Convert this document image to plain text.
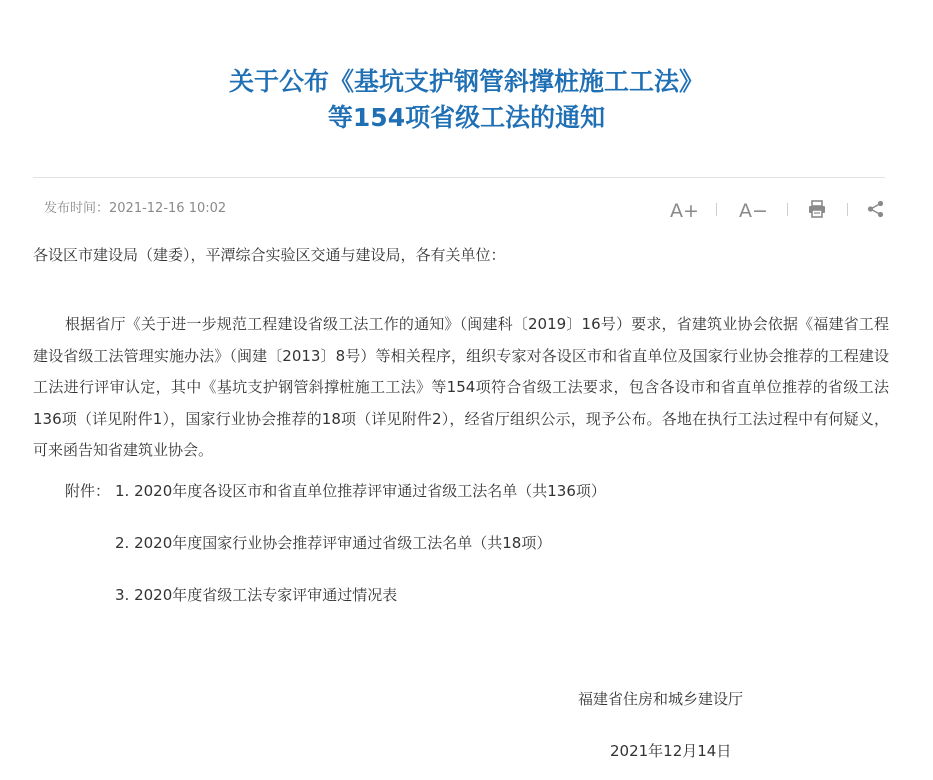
关于公布《基坑支护钢管斜撑桩施工工法》
等154项省级工法的通知
发布时间：2021-12-16 10:02	A+ A−
各设区市建设局（建委），平潭综合实验区交通与建设局，各有关单位：

根据省厅《关于进一步规范工程建设省级工法工作的通知》（闽建科〔2019〕16号）要求，省建筑业协会依据《福建省工程建设省级工法管理实施办法》（闽建〔2013〕8号）等相关程序，组织专家对各设区市和省直单位及国家行业协会推荐的工程建设工法进行评审认定，其中《基坑支护钢管斜撑桩施工工法》等154项符合省级工法要求，包含各设市和省直单位推荐的省级工法136项（详见附件1），国家行业协会推荐的18项（详见附件2），经省厅组织公示，现予公布。各地在执行工法过程中有何疑义，可来函告知省建筑业协会。

附件： 1. 2020年度各设区市和省直单位推荐评审通过省级工法名单（共136项）
2. 2020年度国家行业协会推荐评审通过省级工法名单（共18项）
3. 2020年度省级工法专家评审通过情况表
福建省住房和城乡建设厅
2021年12月14日
